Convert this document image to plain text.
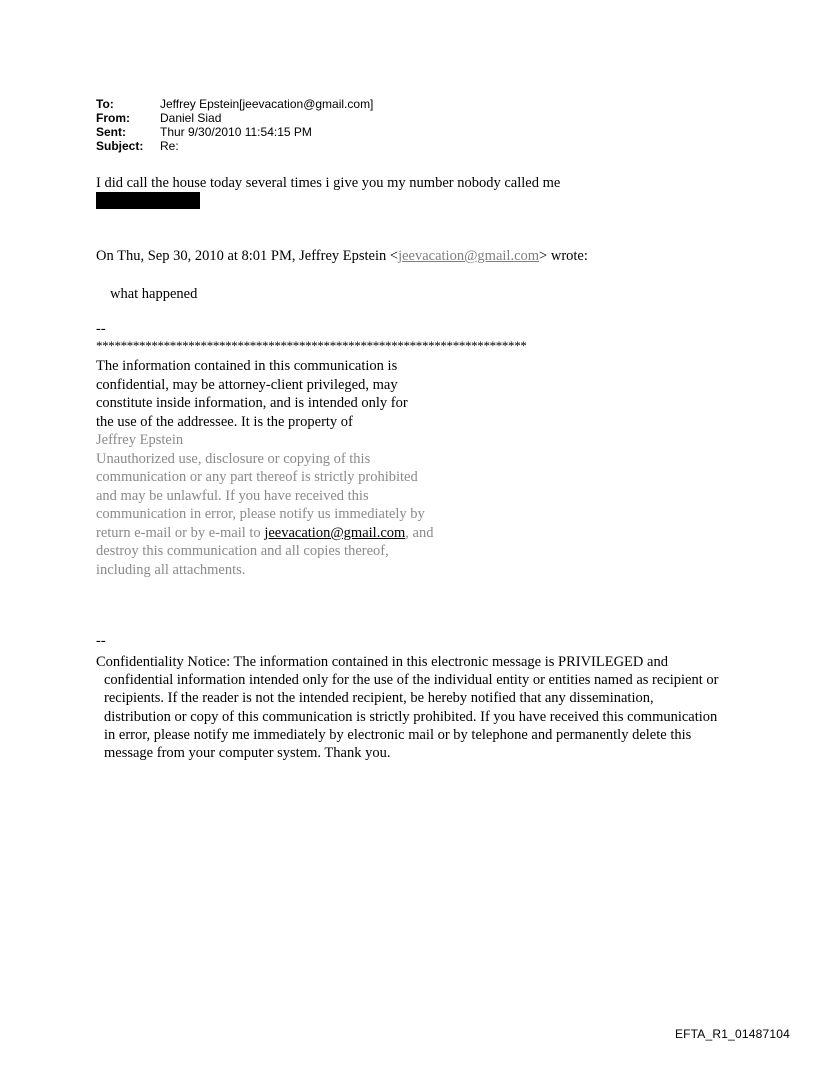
To:	Jeffrey Epstein[jeevacation@gmail.com]
From:	Daniel Siad
Sent:	Thur 9/30/2010 11:54:15 PM
Subject:	Re:
I did call the house today several times i give you my number nobody called me
On Thu, Sep 30, 2010 at 8:01 PM, Jeffrey Epstein <jeevacation@gmail.com> wrote:
what happened
--
**********************************************************************
The information contained in this communication is
confidential, may be attorney-client privileged, may
constitute inside information, and is intended only for
the use of the addressee. It is the property of
Jeffrey Epstein
Unauthorized use, disclosure or copying of this
communication or any part thereof is strictly prohibited
and may be unlawful. If you have received this
communication in error, please notify us immediately by
return e-mail or by e-mail to jeevacation@gmail.com, and
destroy this communication and all copies thereof,
including all attachments.
--
Confidentiality Notice: The information contained in this electronic message is PRIVILEGED and confidential information intended only for the use of the individual entity or entities named as recipient or recipients. If the reader is not the intended recipient, be hereby notified that any dissemination, distribution or copy of this communication is strictly prohibited. If you have received this communication in error, please notify me immediately by electronic mail or by telephone and permanently delete this message from your computer system. Thank you.
EFTA_R1_01487104
